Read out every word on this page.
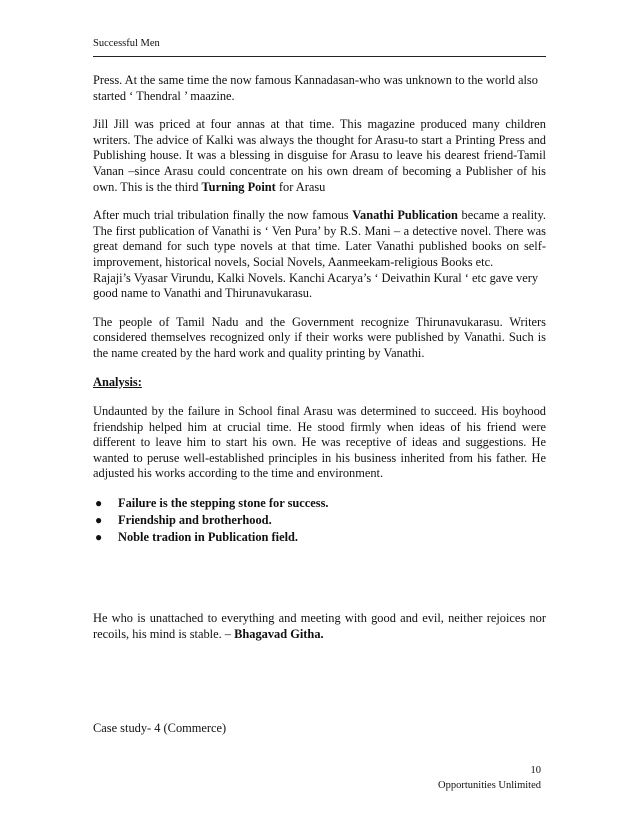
Successful Men

Press. At the same time the now famous Kannadasan-who was unknown to the world also started ‘ Thendral ’ maazine.

Jill Jill was priced at four annas at that time. This magazine produced many children writers. The advice of Kalki was always the thought for Arasu-to start a Printing Press and Publishing house. It was a blessing in disguise for Arasu to leave his dearest friend-Tamil Vanan –since Arasu could concentrate on his own dream of becoming a Publisher of his own. This is the third Turning Point for Arasu

After much trial tribulation finally the now famous Vanathi Publication became a reality. The first publication of Vanathi is ‘ Ven Pura’ by R.S. Mani – a detective novel. There was great demand for such type novels at that time. Later Vanathi published books on self-improvement, historical novels, Social Novels, Aanmeekam-religious Books etc.
Rajaji’s Vyasar Virundu, Kalki Novels. Kanchi Acarya’s ‘ Deivathin Kural ‘ etc gave very good name to Vanathi and Thirunavukarasu.

The people of Tamil Nadu and the Government recognize Thirunavukarasu. Writers considered themselves recognized only if their works were published by Vanathi. Such is the name created by the hard work and quality printing by Vanathi.

Analysis:

Undaunted by the failure in School final Arasu was determined to succeed. His boyhood friendship helped him at crucial time. He stood firmly when ideas of his friend were different to leave him to start his own. He was receptive of ideas and suggestions. He wanted to peruse well-established principles in his business inherited from his father. He adjusted his works according to the time and environment.

● Failure is the stepping stone for success.
● Friendship and brotherhood.
● Noble tradion in Publication field.
He who is unattached to everything and meeting with good and evil, neither rejoices nor recoils, his mind is stable. – Bhagavad Githa.
Case study- 4 (Commerce)
10
Opportunities Unlimited
